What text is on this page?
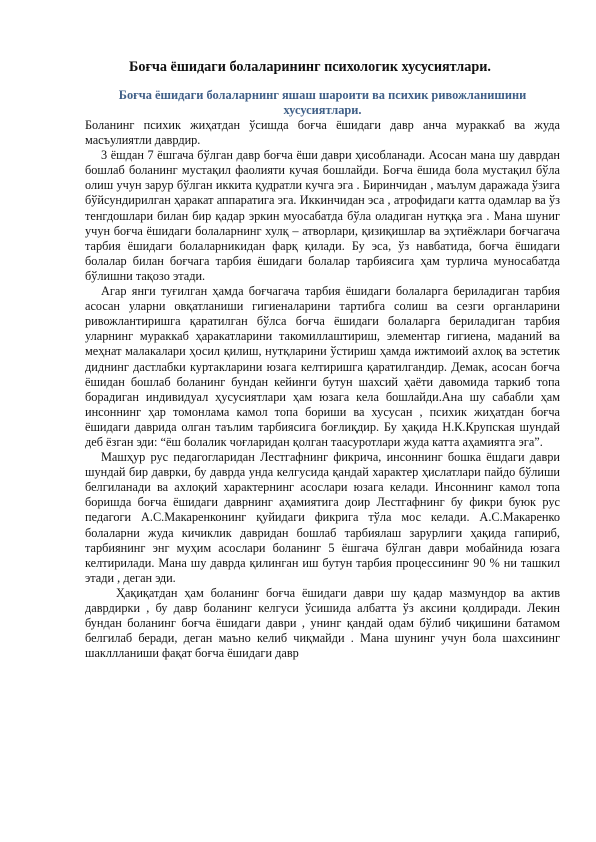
Боғча ёшидаги болаларининг психологик хусусиятлари.

Боғча ёшидаги болаларнинг яшаш шароити ва психик ривожланишини хусусиятлари.

Боланинг психик жиҳатдан ўсишда боғча ёшидаги давр анча мураккаб ва жуда масъулиятли даврдир.

3 ёшдан 7 ёшгача бўлган давр боғча ёши даври ҳисобланади. Асосан мана шу даврдан бошлаб боланинг мустақил фаолияти кучая бошлайди. Боғча ёшида бола мустақил бўла олиш учун зарур бўлган иккита қудратли кучга эга . Биринчидан , маълум даражада ўзига бўйсундирилган ҳаракат аппаратига эга. Иккинчидан эса , атрофидаги катта одамлар ва ўз тенгдошлари билан бир қадар эркин муосабатда бўла оладиган нутққа эга . Мана шуниг учун боғча ёшидаги болаларнинг хулқ – атворлари, қизиқишлар ва эҳтиёжлари боғчагача тарбия ёшидаги болаларникидан фарқ қилади. Бу эса, ўз навбатида, боғча ёшидаги болалар билан боғчага тарбия ёшидаги болалар тарбиясига ҳам турлича муносабатда бўлишни тақозо этади.

Агар янги туғилган ҳамда боғчагача тарбия ёшидаги болаларга бериладиган тарбия асосан уларни овқатланиши гигиеналарини тартибга солиш ва сезги органларини ривожлантиришга қаратилган бўлса боғча ёшидаги болаларга бериладиган тарбия уларнинг мураккаб ҳаракатларини такомиллаштириш, элементар гигиена, маданий ва меҳнат малакалари ҳосил қилиш, нутқларини ўстириш ҳамда ижтимоий ахлоқ ва эстетик диднинг дастлабки куртакларини юзага келтиришга қаратилгандир. Демак, асосан боғча ёшидан бошлаб боланинг бундан кейинги бутун шахсий ҳаёти давомида таркиб топа борадиган индивидуал ҳусусиятлари ҳам юзага кела бошлайди.Ана шу сабабли ҳам инсоннинг ҳар томонлама камол топа бориши ва хусусан , психик жиҳатдан боғча ёшидаги даврида олган таълим тарбиясига боғлиқдир. Бу ҳақида Н.К.Крупская шундай деб ёзган эди: “ёш болалик чоғларидан қолган таасуротлари жуда катта аҳамиятга эга”.

Машҳур рус педагогларидан Лестгафнинг фикрича, инсоннинг бошка ёшдаги даври шундай бир даврки, бу даврда унда келгусида қандай характер ҳислатлари пайдо бўлиши белгиланади ва ахлоқий характернинг асослари юзага келади. Инсоннинг камол топа боришда боғча ёшидаги даврнинг аҳамиятига доир Лестгафнинг бу фикри буюк рус педагоги А.С.Макаренконинг қуйидаги фикрига тўла мос келади. А.С.Макаренко болаларни жуда кичиклик давридан бошлаб тарбиялаш зарурлиги ҳақида гапириб, тарбиянинг энг муҳим асослари боланинг 5 ёшгача бўлган даври мобайнида юзага келтирилади. Мана шу даврда қилинган иш бутун тарбия процессининг 90 % ни ташкил этади , деган эди.

Ҳақиқатдан ҳам боланинг боғча ёшидаги даври шу қадар мазмундор ва актив даврдирки , бу давр боланинг келгуси ўсишида албатта ўз аксини қолдиради. Лекин бундан боланинг боғча ёшидаги даври , унинг қандай одам бўлиб чиқишини батамом белгилаб беради, деган маъно келиб чиқмайди . Мана шунинг учун бола шахсининг шакллланиши фақат боғча ёшидаги давр
